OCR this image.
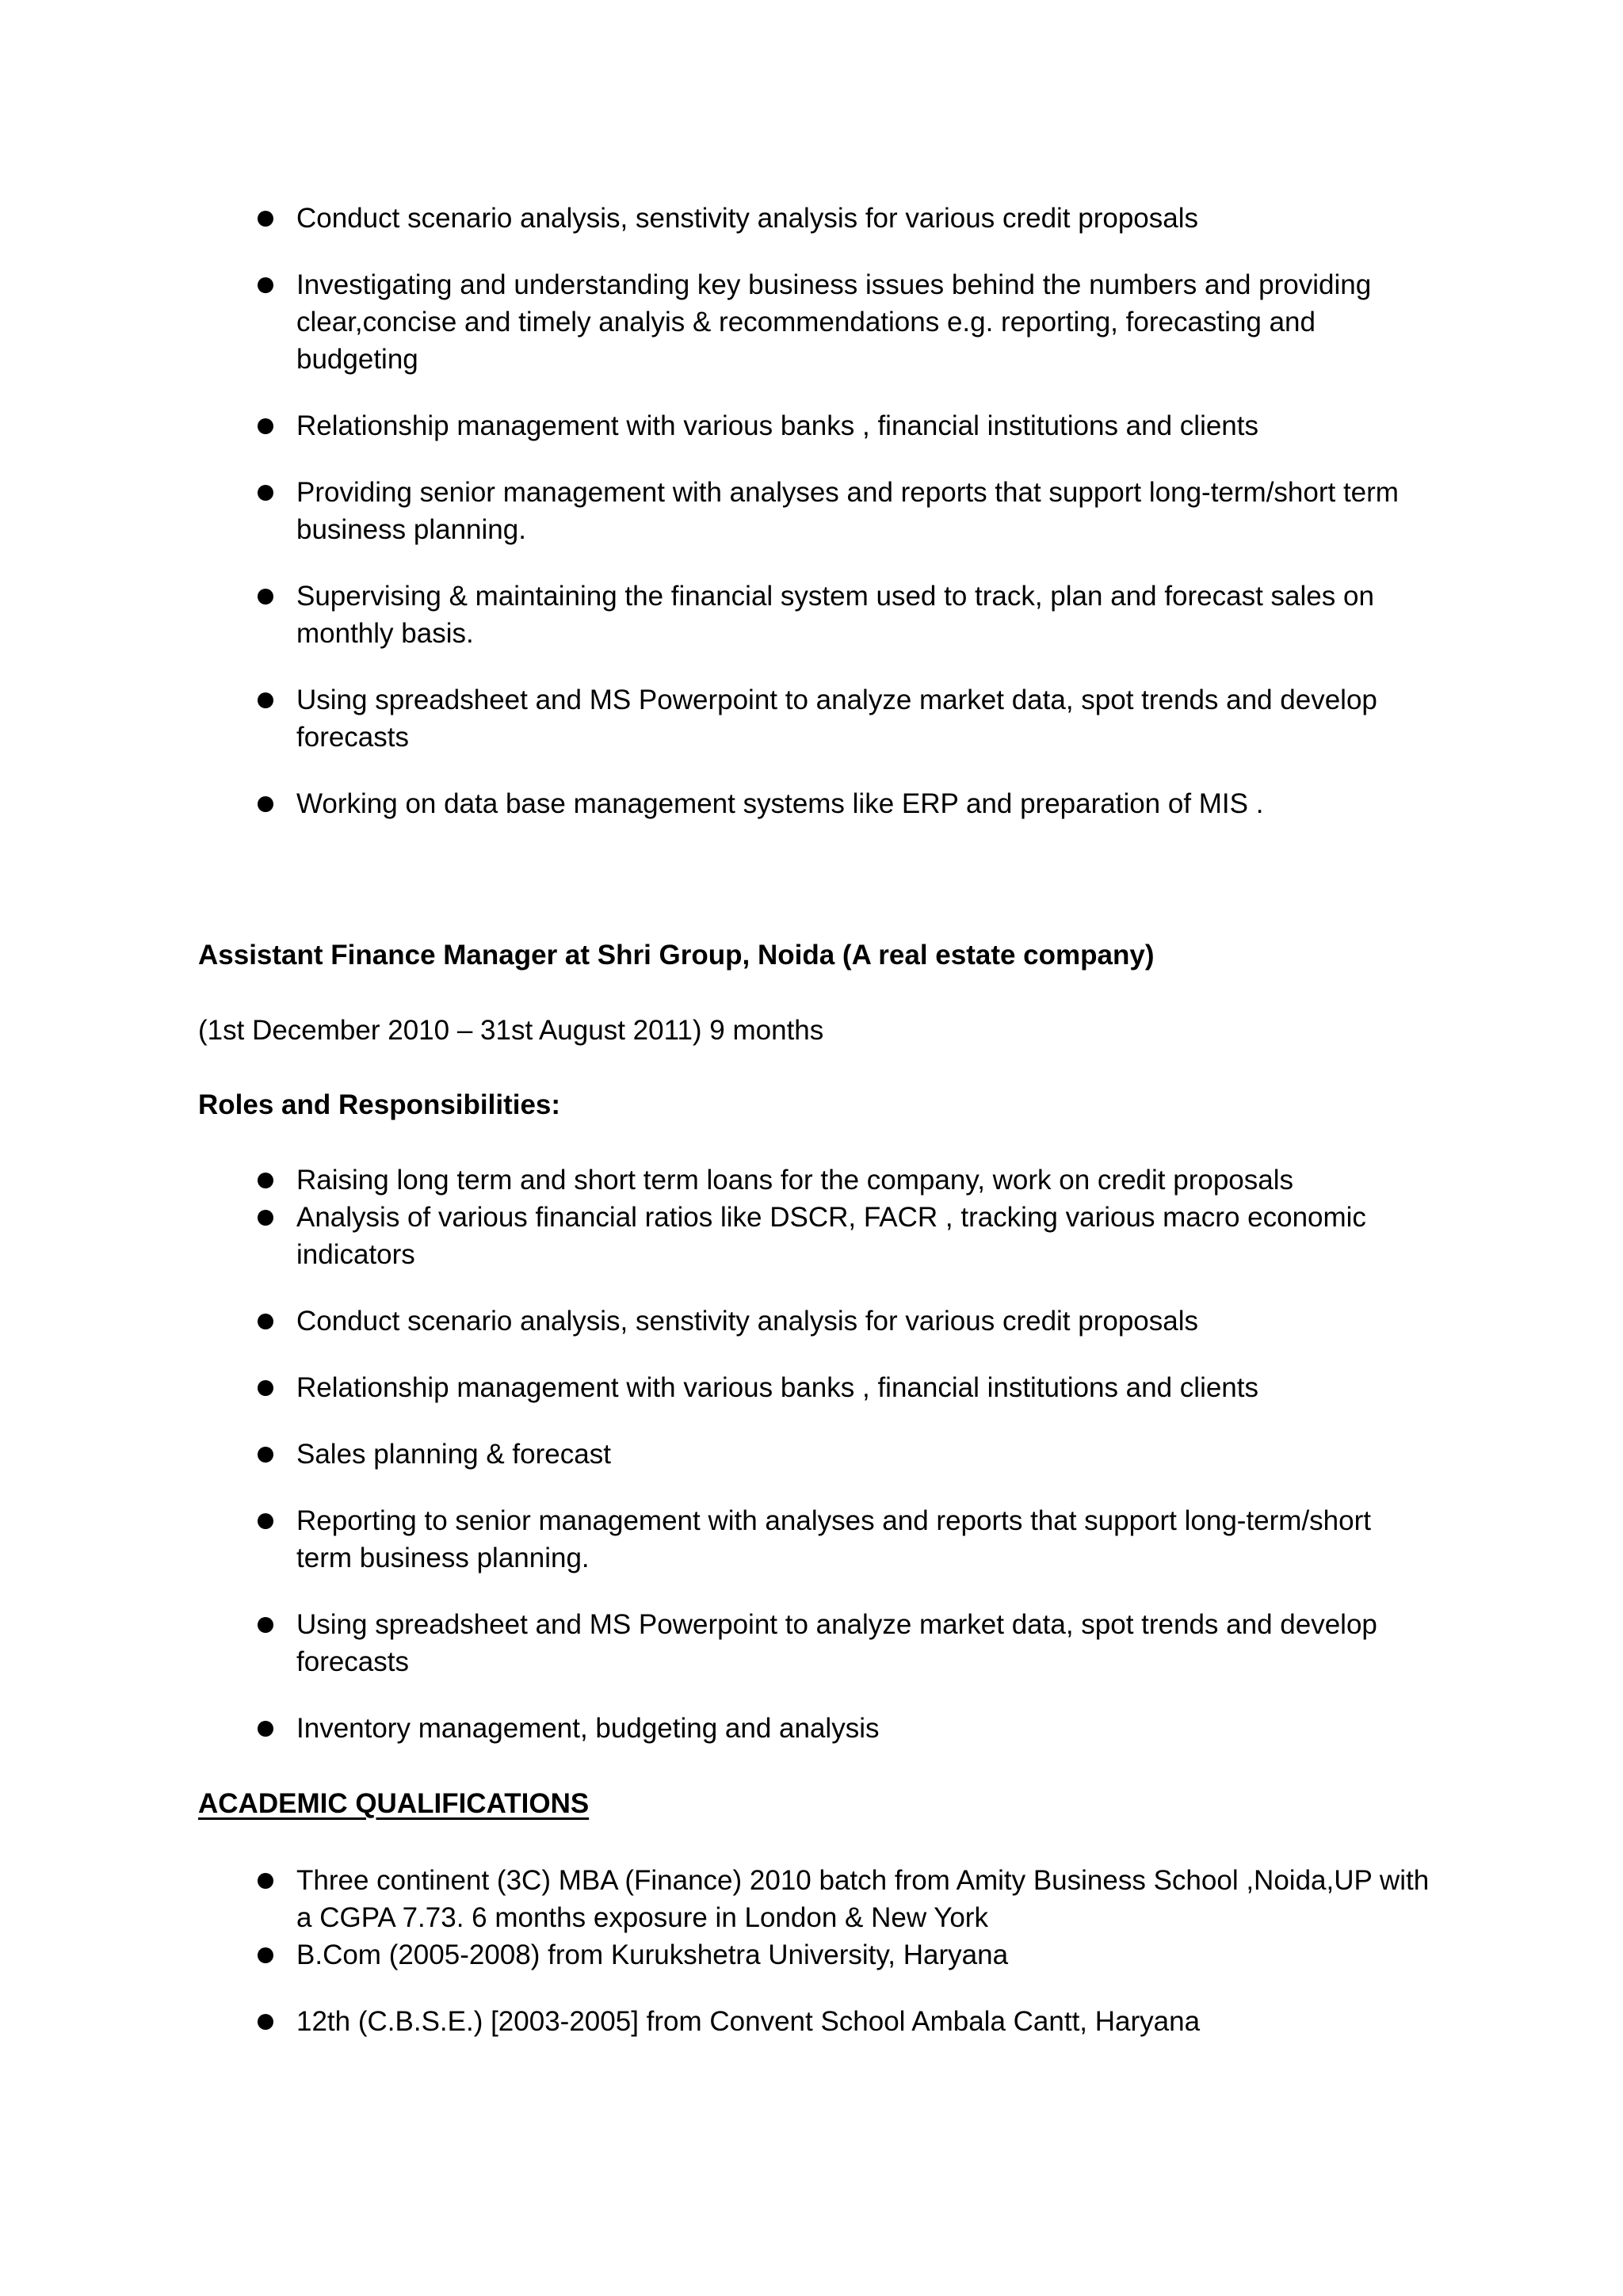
Conduct scenario analysis, senstivity analysis for various credit proposals
Investigating and understanding key business issues behind the numbers and providing
clear,concise and timely analyis & recommendations e.g. reporting, forecasting and
budgeting
Relationship management with various banks , financial institutions and clients
Providing senior management with analyses and reports that support long-term/short term
business planning.
Supervising & maintaining the financial system used to track, plan and forecast sales on
monthly basis.
Using spreadsheet and MS Powerpoint to analyze market data, spot trends and develop
forecasts
Working on data base management systems like ERP and preparation of MIS .
Assistant Finance Manager at Shri Group, Noida (A real estate company)
(1st December 2010 – 31st August 2011) 9 months
Roles and Responsibilities:
Raising long term and short term loans for the company, work on credit proposals
Analysis of various financial ratios like DSCR, FACR , tracking various macro economic
indicators
Conduct scenario analysis, senstivity analysis for various credit proposals
Relationship management with various banks , financial institutions and clients
Sales planning & forecast
Reporting to senior management with analyses and reports that support long-term/short
term business planning.
Using spreadsheet and MS Powerpoint to analyze market data, spot trends and develop
forecasts
Inventory management, budgeting and analysis
ACADEMIC QUALIFICATIONS
Three continent (3C) MBA (Finance) 2010 batch from Amity Business School ,Noida,UP with
a CGPA 7.73. 6 months exposure in London & New York
B.Com (2005-2008) from Kurukshetra University, Haryana
12th (C.B.S.E.) [2003-2005] from Convent School Ambala Cantt, Haryana
